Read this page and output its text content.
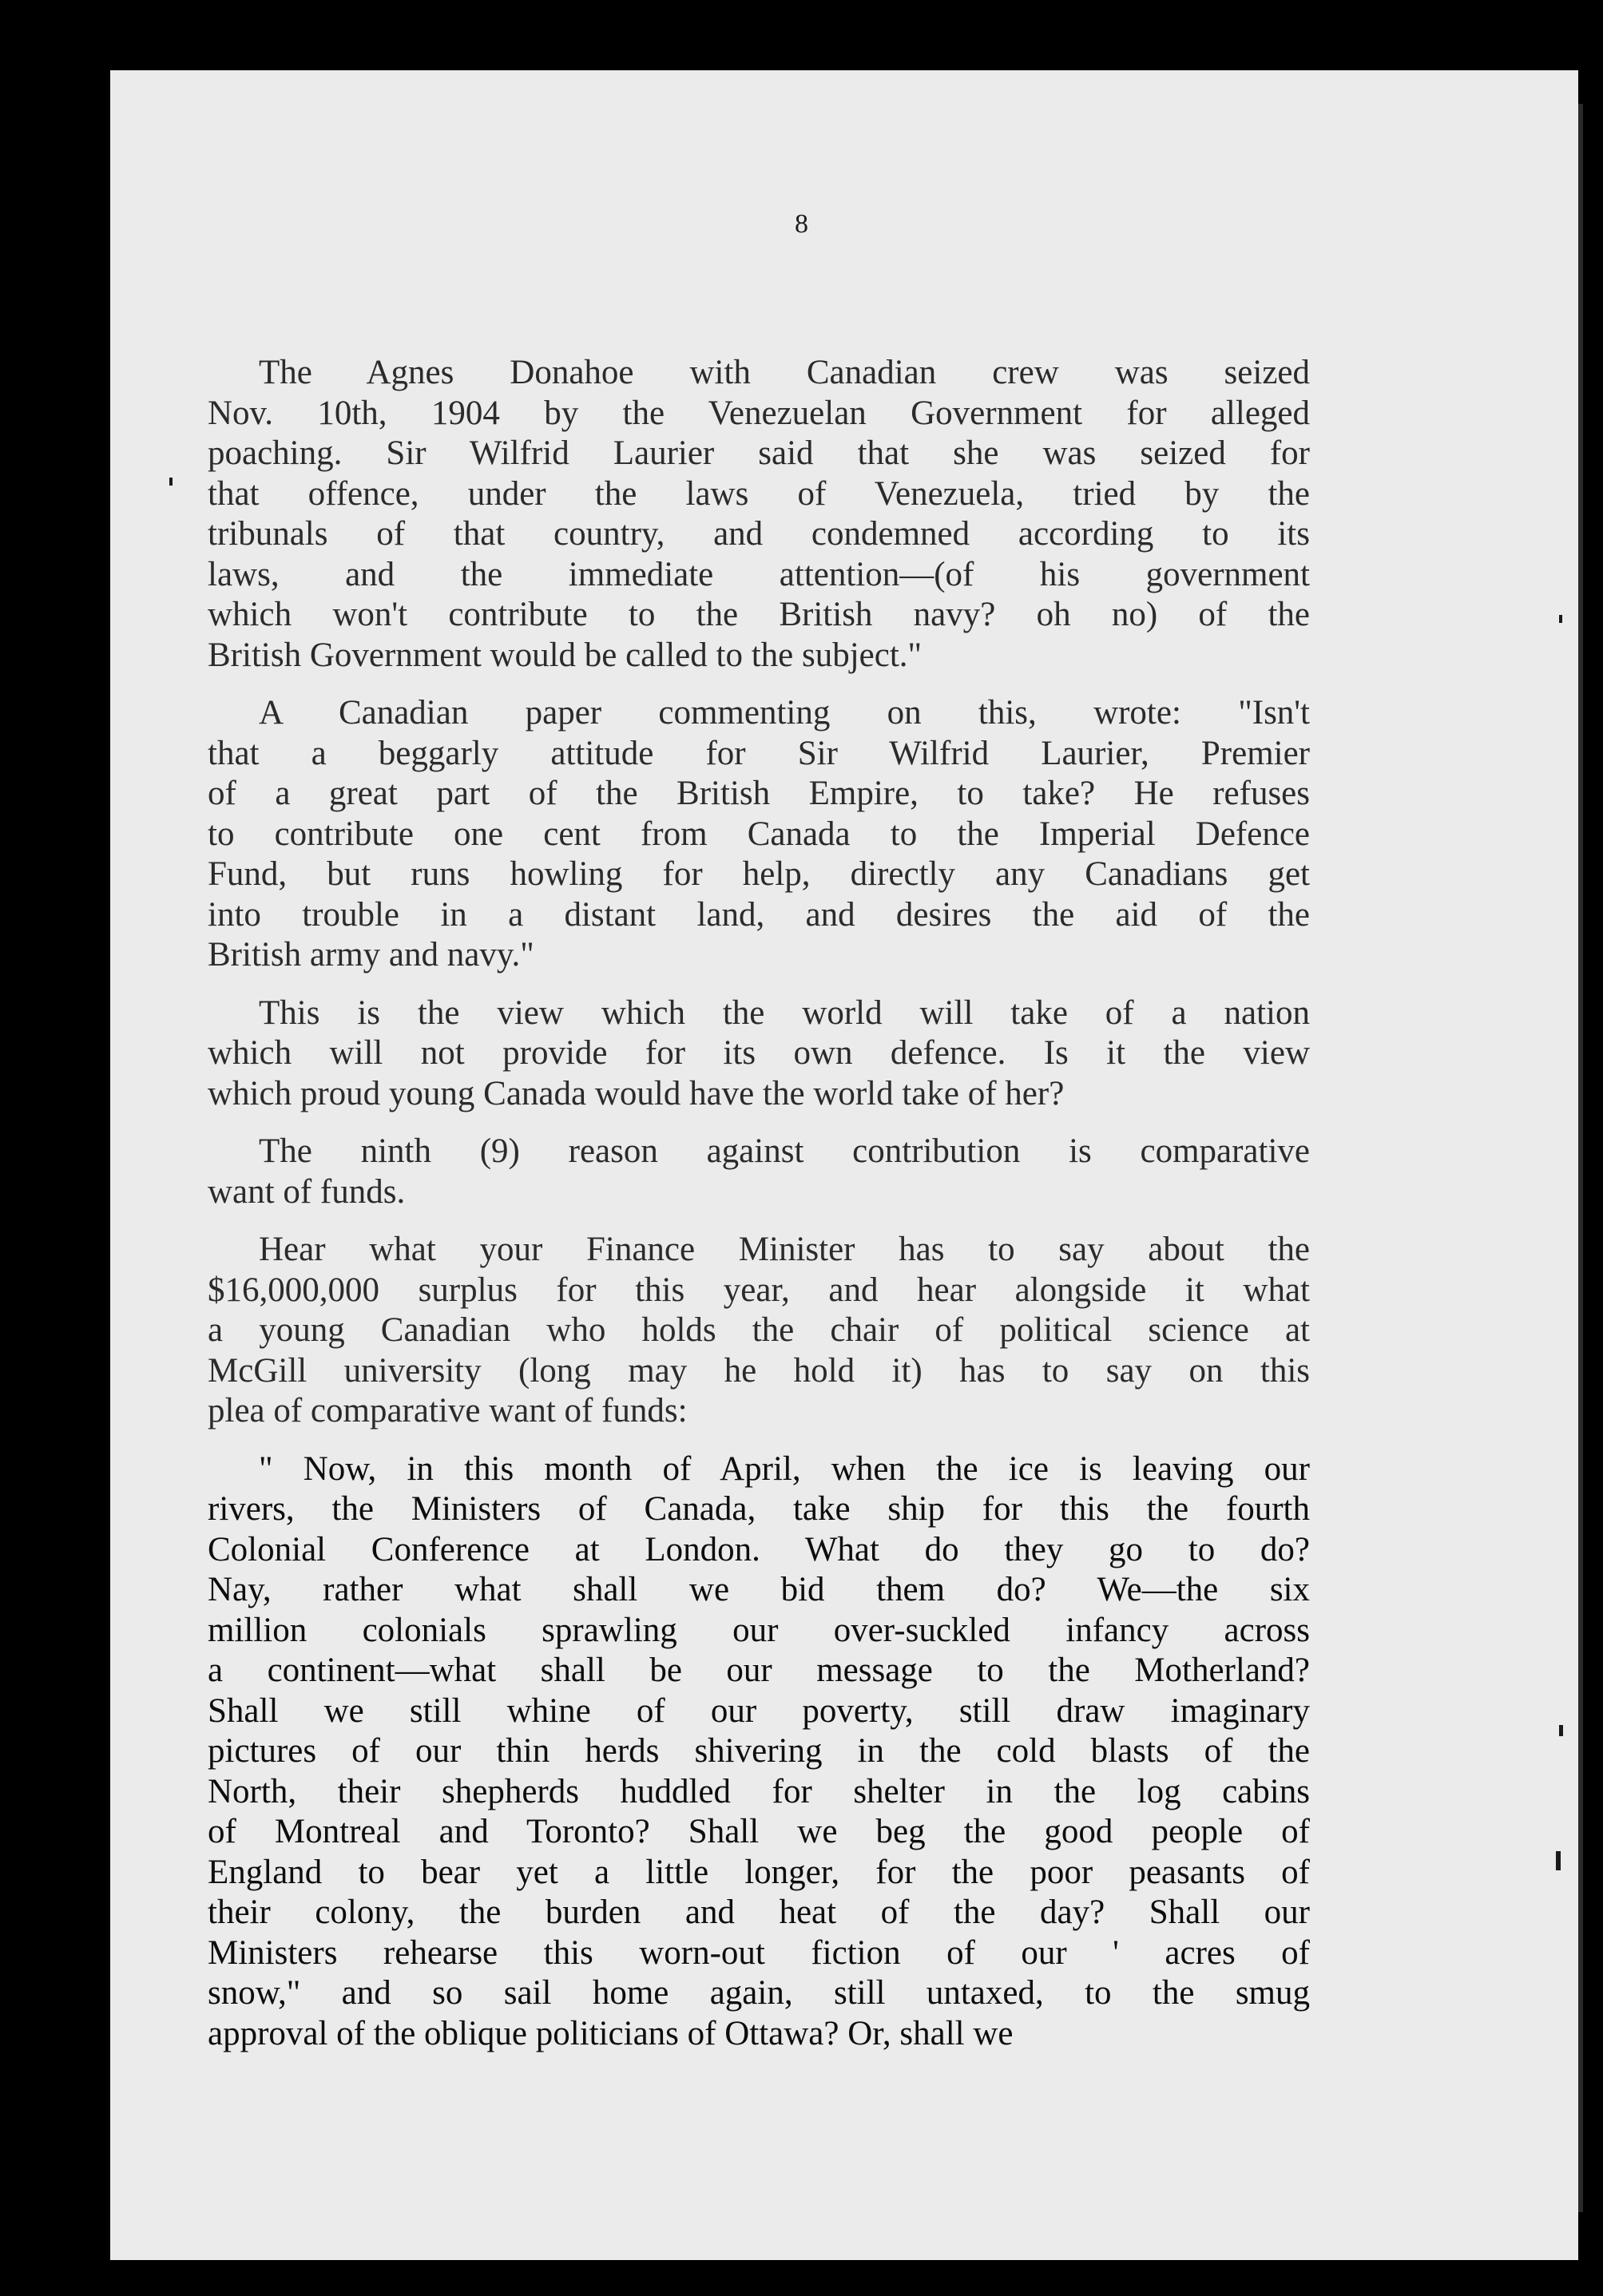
8
The Agnes Donahoe with Canadian crew was seized
Nov. 10th, 1904 by the Venezuelan Government for alleged
poaching. Sir Wilfrid Laurier said that she was seized for
that offence, under the laws of Venezuela, tried by the
tribunals of that country, and condemned according to its
laws, and the immediate attention—(of his government
which won't contribute to the British navy? oh no) of the
British Government would be called to the subject."
A Canadian paper commenting on this, wrote: "Isn't
that a beggarly attitude for Sir Wilfrid Laurier, Premier
of a great part of the British Empire, to take? He refuses
to contribute one cent from Canada to the Imperial Defence
Fund, but runs howling for help, directly any Canadians get
into trouble in a distant land, and desires the aid of the
British army and navy."
This is the view which the world will take of a nation
which will not provide for its own defence. Is it the view
which proud young Canada would have the world take of her?
The ninth (9) reason against contribution is comparative
want of funds.
Hear what your Finance Minister has to say about the
$16,000,000 surplus for this year, and hear alongside it what
a young Canadian who holds the chair of political science at
McGill university (long may he hold it) has to say on this
plea of comparative want of funds:
" Now, in this month of April, when the ice is leaving our
rivers, the Ministers of Canada, take ship for this the fourth
Colonial Conference at London. What do they go to do?
Nay, rather what shall we bid them do? We—the six
million colonials sprawling our over-suckled infancy across
a continent—what shall be our message to the Motherland?
Shall we still whine of our poverty, still draw imaginary
pictures of our thin herds shivering in the cold blasts of the
North, their shepherds huddled for shelter in the log cabins
of Montreal and Toronto? Shall we beg the good people of
England to bear yet a little longer, for the poor peasants of
their colony, the burden and heat of the day? Shall our
Ministers rehearse this worn-out fiction of our ' acres of
snow," and so sail home again, still untaxed, to the smug
approval of the oblique politicians of Ottawa? Or, shall we
